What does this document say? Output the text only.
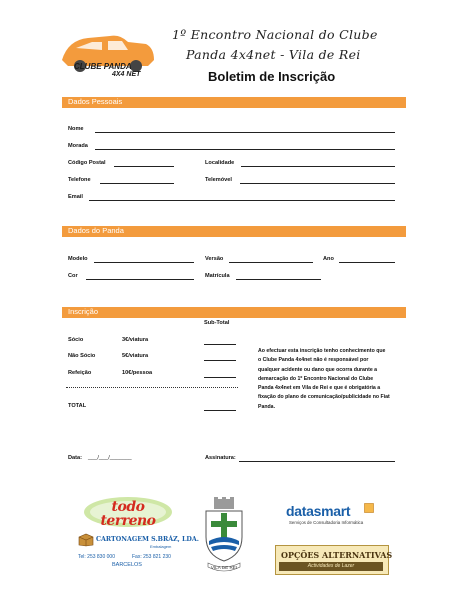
CLUBE PANDA
4X4 NET
1º Encontro Nacional do Clube
Panda 4x4net - Vila de Rei
Boletim de Inscrição
Dados Pessoais
Nome
Morada
Código Postal	Localidade
Telefone	Telemóvel
Email
Dados do Panda
Modelo	Versão	Ano
Cor	Matrícula
Inscrição
Sub-Total
Sócio	3€/viatura
Não Sócio	5€/viatura
Refeição	10€/pessoa
TOTAL
Ao efectuar esta inscrição tenho conhecimento que o Clube Panda 4x4net não é responsável por qualquer acidente ou dano que ocorra durante a demarcação do 1º Encontro Nacional do Clube Panda 4x4net em Vila de Rei e que é obrigatória a fixação do plano de comunicação/publicidade no Fiat Panda.
Data: ___/___/_______	Assinatura:
todo terreno
CARTONAGEM S.BRÁZ, LDA.
Embalagem
Tel: 253 830 000	Fax: 253 821 230
BARCELOS	VILA DE REI
datasmart
Serviços de Consultadoria Informática
OPÇÕES ALTERNATIVAS
Actividades de Lazer
